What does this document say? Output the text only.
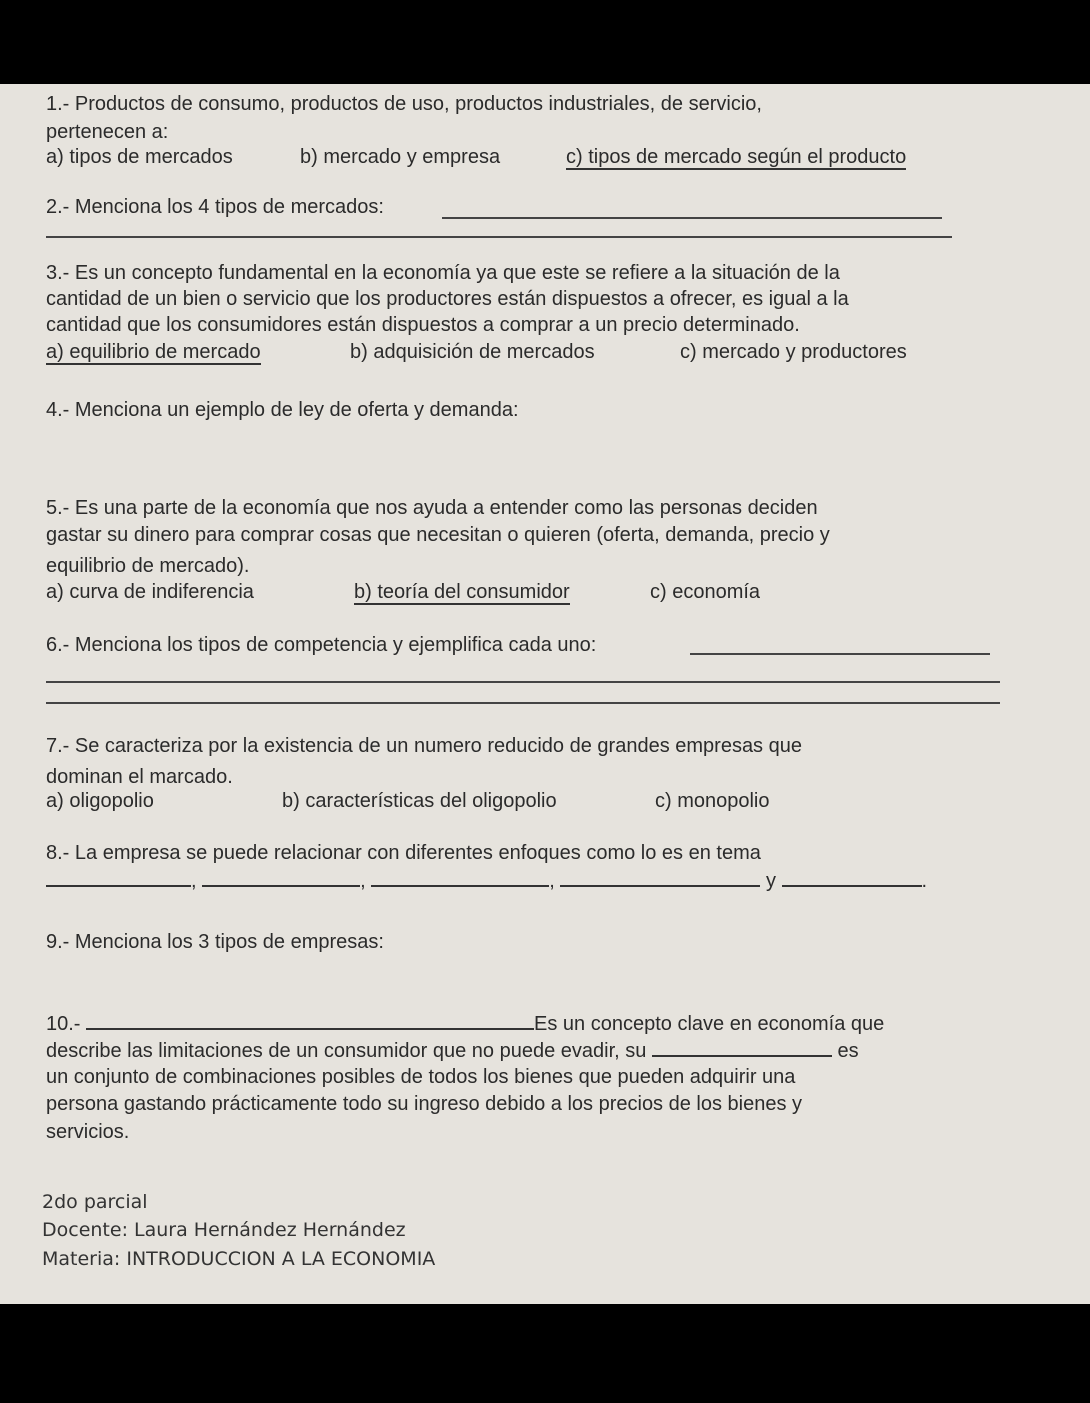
1.- Productos de consumo, productos de uso, productos industriales, de servicio,
pertenecen a:
a) tipos de mercados	b) mercado y empresa	c) tipos de mercado según el producto
2.- Menciona los 4 tipos de mercados:
3.- Es un concepto fundamental en la economía ya que este se refiere a la situación de la
cantidad de un bien o servicio que los productores están dispuestos a ofrecer, es igual a la
cantidad que los consumidores están dispuestos a comprar a un precio determinado.
a) equilibrio de mercado	b) adquisición de mercados	c) mercado y productores
4.- Menciona un ejemplo de ley de oferta y demanda:
5.- Es una parte de la economía que nos ayuda a entender como las personas deciden
gastar su dinero para comprar cosas que necesitan o quieren (oferta, demanda, precio y
equilibrio de mercado).
a) curva de indiferencia	b) teoría del consumidor	c) economía
6.- Menciona los tipos de competencia y ejemplifica cada uno:
7.- Se caracteriza por la existencia de un numero reducido de grandes empresas que
dominan el marcado.
a) oligopolio	b) características del oligopolio	c) monopolio
8.- La empresa se puede relacionar con diferentes enfoques como lo es en tema
,	,	,	y	.
9.- Menciona los 3 tipos de empresas:
10.-	Es un concepto clave en economía que
describe las limitaciones de un consumidor que no puede evadir, su	es
un conjunto de combinaciones posibles de todos los bienes que pueden adquirir una
persona gastando prácticamente todo su ingreso debido a los precios de los bienes y
servicios.
2do parcial
Docente: Laura Hernández Hernández
Materia: INTRODUCCION A LA ECONOMIA
